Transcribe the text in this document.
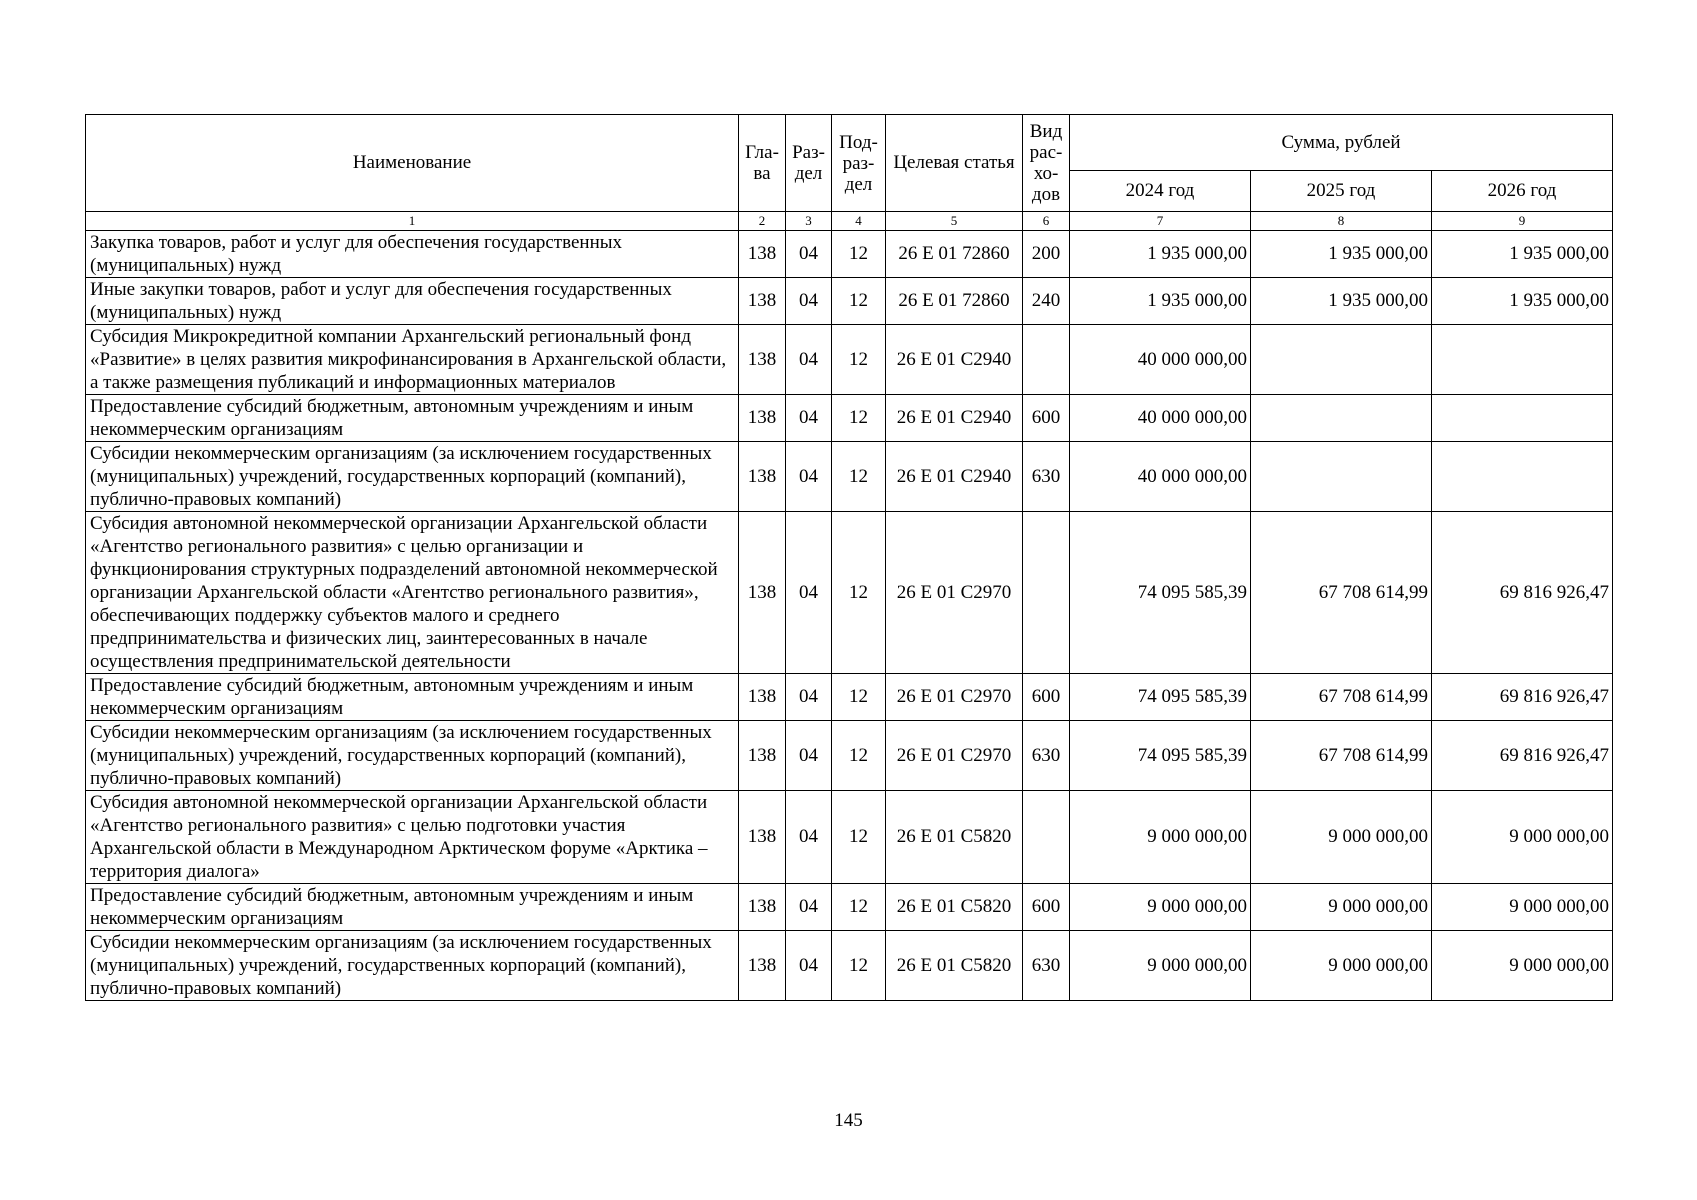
Наименование	Гла-ва	Раз-дел	Под-раз-дел	Целевая статья	Вид рас-хо-дов	Сумма, рублей		
						2024 год	2025 год	2026 год
1	2	3	4	5	6	7	8	9
Закупка товаров, работ и услуг для обеспечения государственных (муниципальных) нужд	138	04	12	26 Е 01 72860	200	1 935 000,00	1 935 000,00	1 935 000,00
Иные закупки товаров, работ и услуг для обеспечения государственных (муниципальных) нужд	138	04	12	26 Е 01 72860	240	1 935 000,00	1 935 000,00	1 935 000,00
Субсидия Микрокредитной компании Архангельский региональный фонд «Развитие» в целях развития микрофинансирования в Архангельской области, а также размещения публикаций и информационных материалов	138	04	12	26 Е 01 С2940		40 000 000,00		
Предоставление субсидий бюджетным, автономным учреждениям и иным некоммерческим организациям	138	04	12	26 Е 01 С2940	600	40 000 000,00		
Субсидии некоммерческим организациям (за исключением государственных (муниципальных) учреждений, государственных корпораций (компаний), публично-правовых компаний)	138	04	12	26 Е 01 С2940	630	40 000 000,00		
Субсидия автономной некоммерческой организации Архангельской области «Агентство регионального развития» с целью организации и функционирования структурных подразделений автономной некоммерческой организации Архангельской области «Агентство регионального развития», обеспечивающих поддержку субъектов малого и среднего предпринимательства и физических лиц, заинтересованных в начале осуществления предпринимательской деятельности	138	04	12	26 Е 01 С2970		74 095 585,39	67 708 614,99	69 816 926,47
Предоставление субсидий бюджетным, автономным учреждениям и иным некоммерческим организациям	138	04	12	26 Е 01 С2970	600	74 095 585,39	67 708 614,99	69 816 926,47
Субсидии некоммерческим организациям (за исключением государственных (муниципальных) учреждений, государственных корпораций (компаний), публично-правовых компаний)	138	04	12	26 Е 01 С2970	630	74 095 585,39	67 708 614,99	69 816 926,47
Субсидия автономной некоммерческой организации Архангельской области «Агентство регионального развития» с целью подготовки участия Архангельской области в Международном Арктическом форуме «Арктика – территория диалога»	138	04	12	26 Е 01 С5820		9 000 000,00	9 000 000,00	9 000 000,00
Предоставление субсидий бюджетным, автономным учреждениям и иным некоммерческим организациям	138	04	12	26 Е 01 С5820	600	9 000 000,00	9 000 000,00	9 000 000,00
Субсидии некоммерческим организациям (за исключением государственных (муниципальных) учреждений, государственных корпораций (компаний), публично-правовых компаний)	138	04	12	26 Е 01 С5820	630	9 000 000,00	9 000 000,00	9 000 000,00
145
